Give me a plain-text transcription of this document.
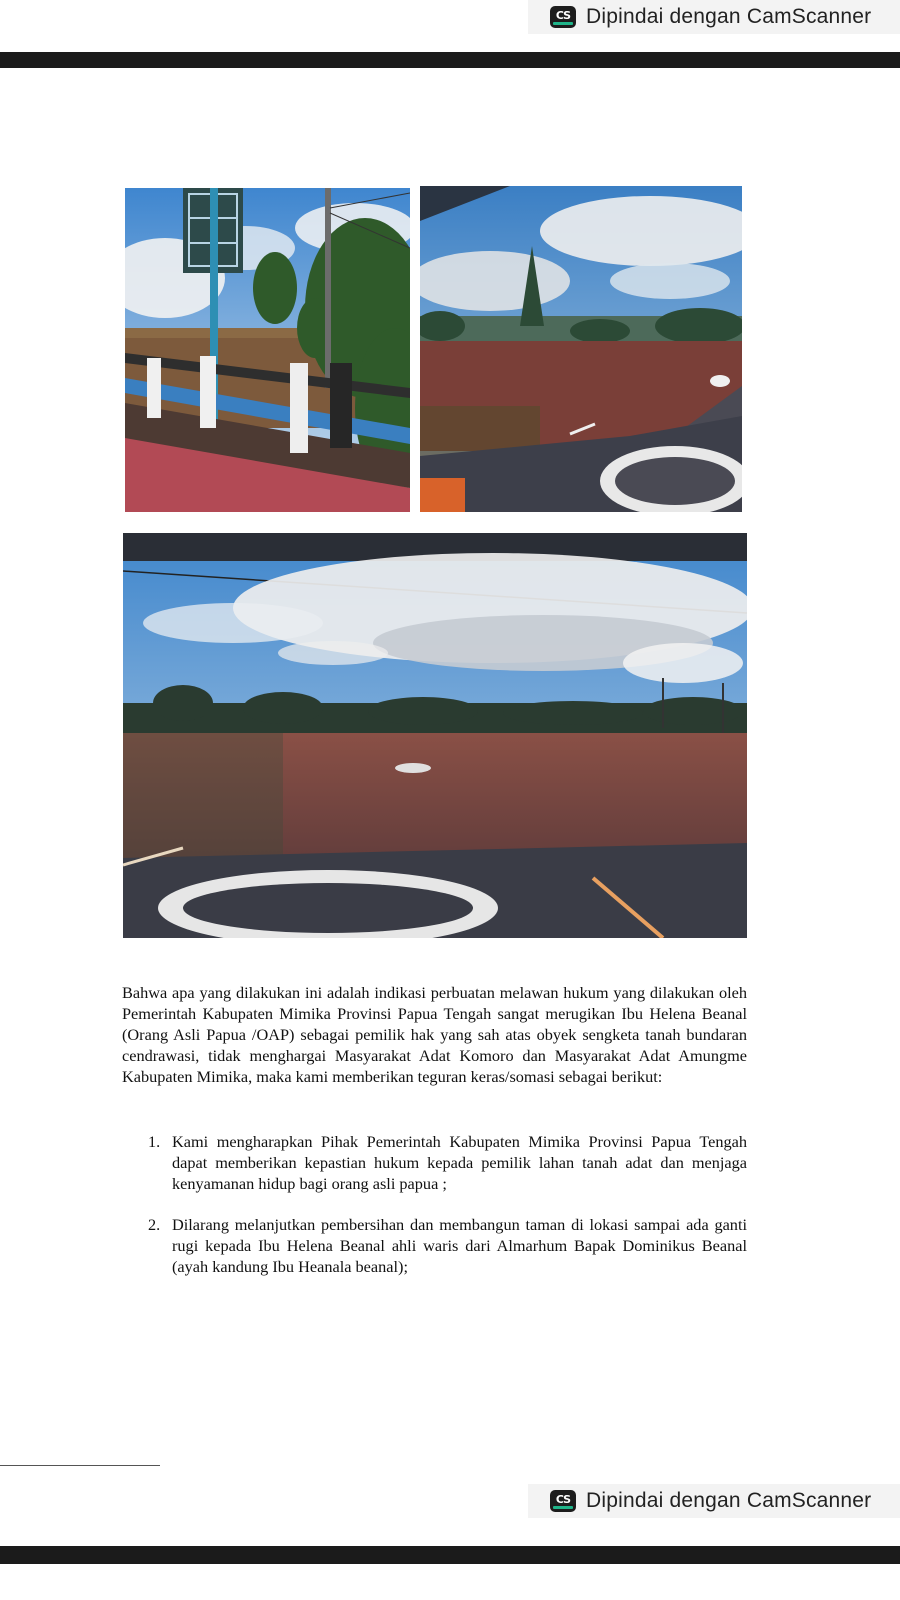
CS Dipindai dengan CamScanner
Bahwa apa yang dilakukan ini adalah indikasi perbuatan melawan hukum yang dilakukan oleh Pemerintah Kabupaten Mimika Provinsi Papua Tengah sangat merugikan Ibu Helena Beanal (Orang Asli Papua /OAP) sebagai pemilik hak yang sah atas obyek sengketa tanah bundaran cendrawasi, tidak menghargai Masyarakat Adat Komoro dan Masyarakat Adat Amungme Kabupaten Mimika, maka kami memberikan teguran keras/somasi sebagai berikut:
1. Kami mengharapkan Pihak Pemerintah Kabupaten Mimika Provinsi Papua Tengah dapat memberikan kepastian hukum kepada pemilik lahan tanah adat dan menjaga kenyamanan hidup bagi orang asli papua ;
2. Dilarang melanjutkan pembersihan dan membangun taman di lokasi sampai ada ganti rugi kepada Ibu Helena Beanal ahli waris dari Almarhum Bapak Dominikus Beanal (ayah kandung Ibu Heanala beanal);
CS Dipindai dengan CamScanner
